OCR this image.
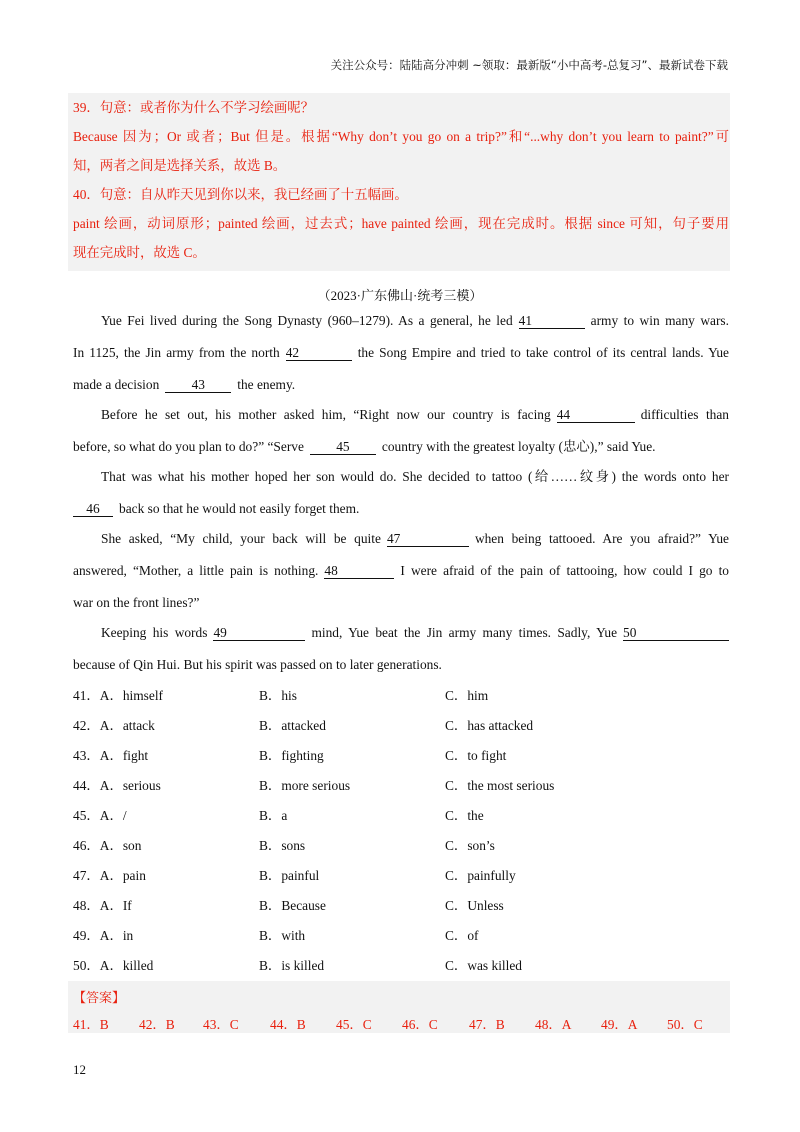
关注公众号：陆陆高分冲刺 ~领取：最新版“小中高考-总复习”、最新试卷下载
39．句意：或者你为什么不学习绘画呢？
Because 因为；Or 或者；But 但是。根据“Why don’t you go on a trip?”和“...why don’t you learn to paint?”可
知，两者之间是选择关系，故选 B。
40．句意：自从昨天见到你以来，我已经画了十五幅画。
paint 绘画，动词原形；painted 绘画，过去式；have painted 绘画，现在完成时。根据 since 可知，句子要用
现在完成时，故选 C。
（2023·广东佛山·统考三模）
Yue Fei lived during the Song Dynasty (960–1279). As a general, he led 41	army to win many wars.
In 1125, the Jin army from the north 42	the Song Empire and tried to take control of its central lands. Yue
made a decision 43 the enemy.
Before he set out, his mother asked him, “Right now our country is facing 44	difficulties than
before, so what do you plan to do?” “Serve 45 country with the greatest loyalty (忠心),” said Yue.
That was what his mother hoped her son would do. She decided to tattoo (给……纹身) the words onto her
46 back so that he would not easily forget them.
She asked, “My child, your back will be quite 47	when being tattooed. Are you afraid?” Yue
answered, “Mother, a little pain is nothing. 48	I were afraid of the pain of tattooing, how could I go to
war on the front lines?”
Keeping his words 49	mind, Yue beat the Jin army many times. Sadly, Yue 50
because of Qin Hui. But his spirit was passed on to later generations.
41．A．himself	B．his	C．him
42．A．attack	B．attacked	C．has attacked
43．A．fight	B．fighting	C．to fight
44．A．serious	B．more serious	C．the most serious
45．A．/	B．a	C．the
46．A．son	B．sons	C．son’s
47．A．pain	B．painful	C．painfully
48．A．If	B．Because	C．Unless
49．A．in	B．with	C．of
50．A．killed	B．is killed	C．was killed
【答案】
41．B 42．B 43．C 44．B 45．C 46．C 47．B 48．A 49．A 50．C
12
